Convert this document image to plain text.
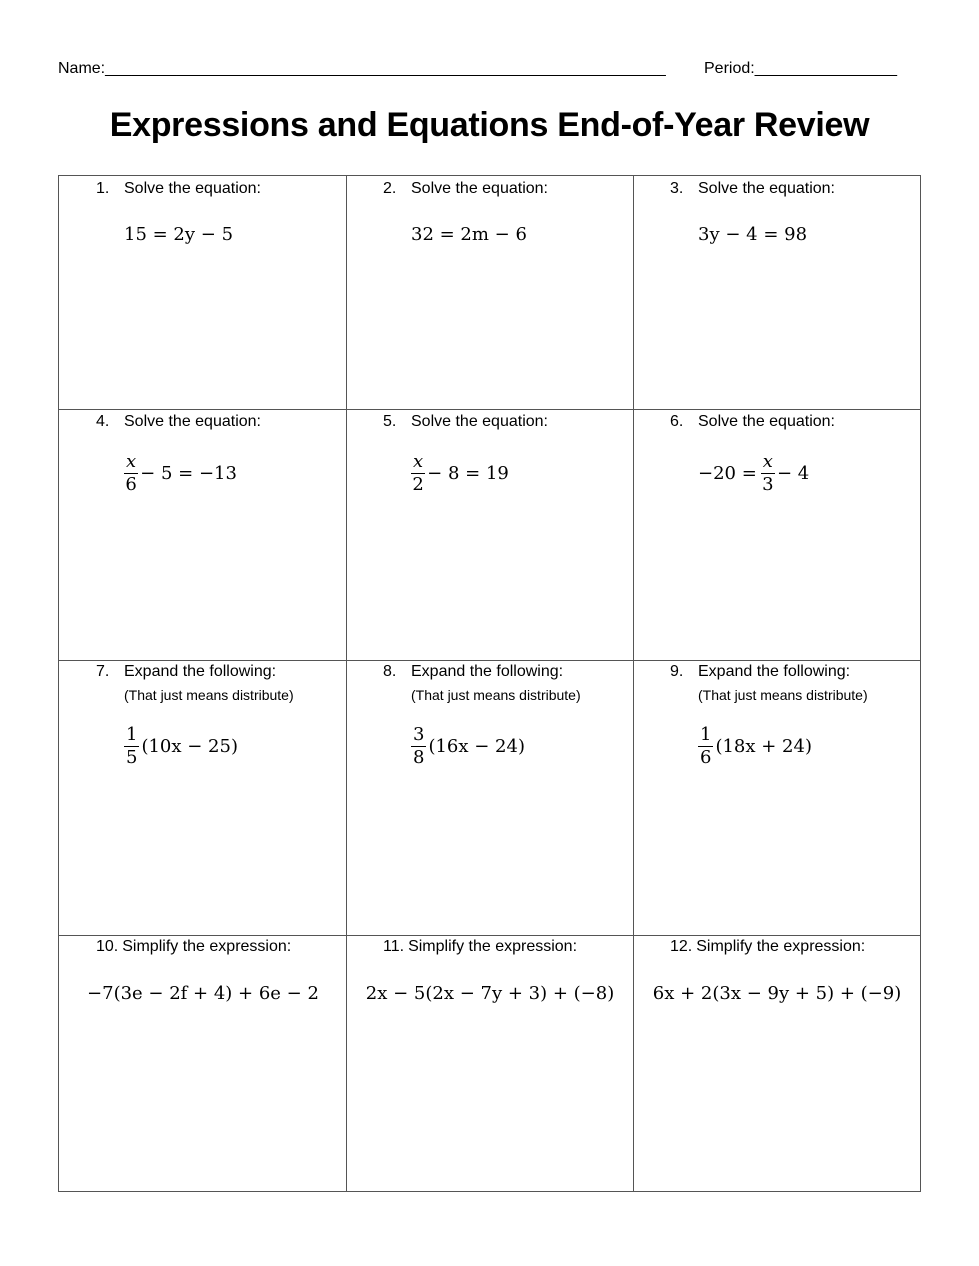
Name:_______________________________________________________________ Period:________________
Expressions and Equations End-of-Year Review
1. Solve the equation:
15 = 2y − 5
2. Solve the equation:
32 = 2m − 6
3. Solve the equation:
3y − 4 = 98
4. Solve the equation:
$\frac{x}{6} - 5 = -13$
5. Solve the equation:
$\frac{x}{2} - 8 = 19$
6. Solve the equation:
$-20 = \frac{x}{3} - 4$
7. Expand the following:
(That just means distribute)
$\frac{1}{5} (10x - 25)$
8. Expand the following:
(That just means distribute)
$\frac{3}{8} (16x - 24)$
9. Expand the following:
(That just means distribute)
$\frac{1}{6} (18x + 24)$
10. Simplify the expression:
−7(3e − 2f + 4) + 6e − 2
11. Simplify the expression:
2x − 5(2x − 7y + 3) + (−8)
12. Simplify the expression:
6x + 2(3x − 9y + 5) + (−9)
